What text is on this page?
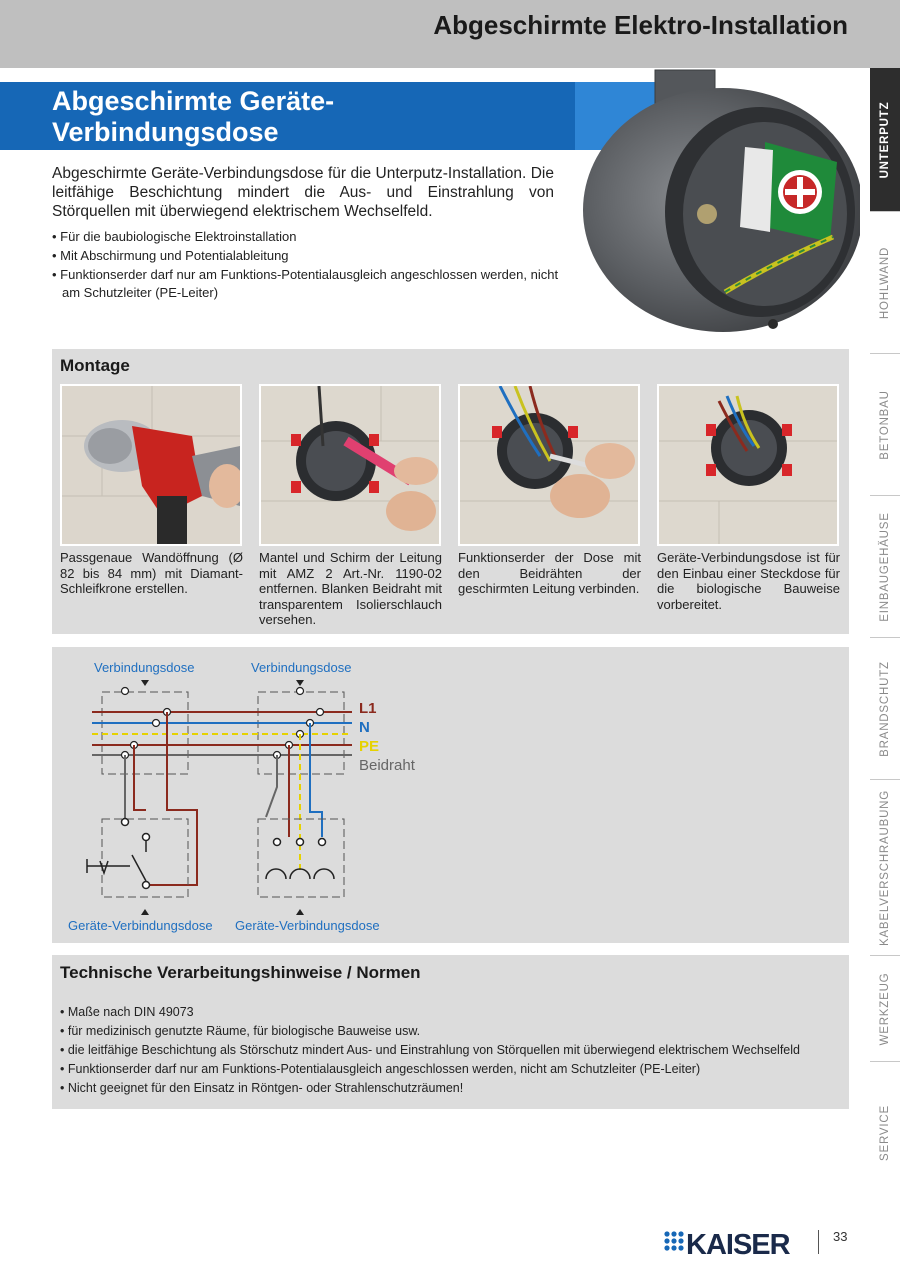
Abgeschirmte Elektro-Installation
Abgeschirmte Geräte-
Verbindungsdose
Abgeschirmte Geräte-Verbindungsdose für die Unterputz-Installation. Die leitfähige Beschichtung mindert die Aus- und Einstrahlung von Störquellen mit überwiegend elektrischem Wechselfeld.
• Für die baubiologische Elektroinstallation
• Mit Abschirmung und Potentialableitung
• Funktionserder darf nur am Funktions-Potentialausgleich angeschlossen werden, nicht am Schutzleiter (PE-Leiter)
UNTERPUTZ
HOHLWAND
BETONBAU
EINBAUGEHÄUSE
BRANDSCHUTZ
KABELVERSCHRAUBUNG
WERKZEUG
SERVICE
Montage
Passgenaue Wandöffnung (Ø 82 bis 84 mm) mit Diamant-Schleifkrone erstellen.
Mantel und Schirm der Leitung mit AMZ 2 Art.-Nr. 1190-02 entfernen. Blanken Beidraht mit transparentem Isolierschlauch versehen.
Funktionserder der Dose mit den Beidrähten der geschirmten Leitung verbinden.
Geräte-Verbindungsdose ist für den Einbau einer Steckdose für die biologische Bauweise vorbereitet.
Verbindungsdose	Verbindungsdose
Geräte-Verbindungsdose Geräte-Verbindungsdose
L1
N
PE
Beidraht
Technische Verarbeitungshinweise / Normen
• Maße nach DIN 49073
• für medizinisch genutzte Räume, für biologische Bauweise usw.
• die leitfähige Beschichtung als Störschutz mindert Aus- und Einstrahlung von Störquellen mit überwiegend elektrischem Wechselfeld
• Funktionserder darf nur am Funktions-Potentialausgleich angeschlossen werden, nicht am Schutzleiter (PE-Leiter)
• Nicht geeignet für den Einsatz in Röntgen- oder Strahlenschutzräumen!
KAISER	33
